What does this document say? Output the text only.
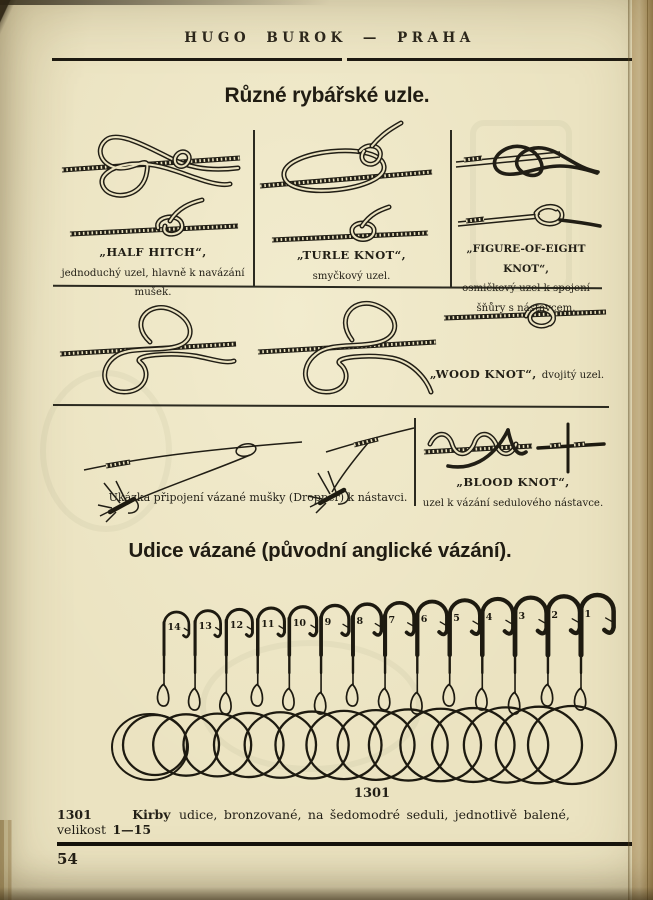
HUGO BUROK — PRAHA
Různé rybářské uzle.
„HALF HITCH“,
jednoduchý uzel, hlavně k navázání mušek.
„TURLE KNOT“,
smyčkový uzel.
„FIGURE-OF-EIGHT KNOT“,
osmičkový uzel k spojení šňůry s nástavcem.
„WOOD KNOT“, dvojitý uzel.
Ukázka připojení vázané mušky (Dropper) k nástavci.
„BLOOD KNOT“,
uzel k vázání sedulového nástavce.
Udice vázané (původní anglické vázání).
14 13 12 11 10 9	8	7	6	5	4	3	2	1
1301
1301	Kirby udice, bronzované, na šedomodré seduli, jednotlivě balené, velikost 1—15
54
